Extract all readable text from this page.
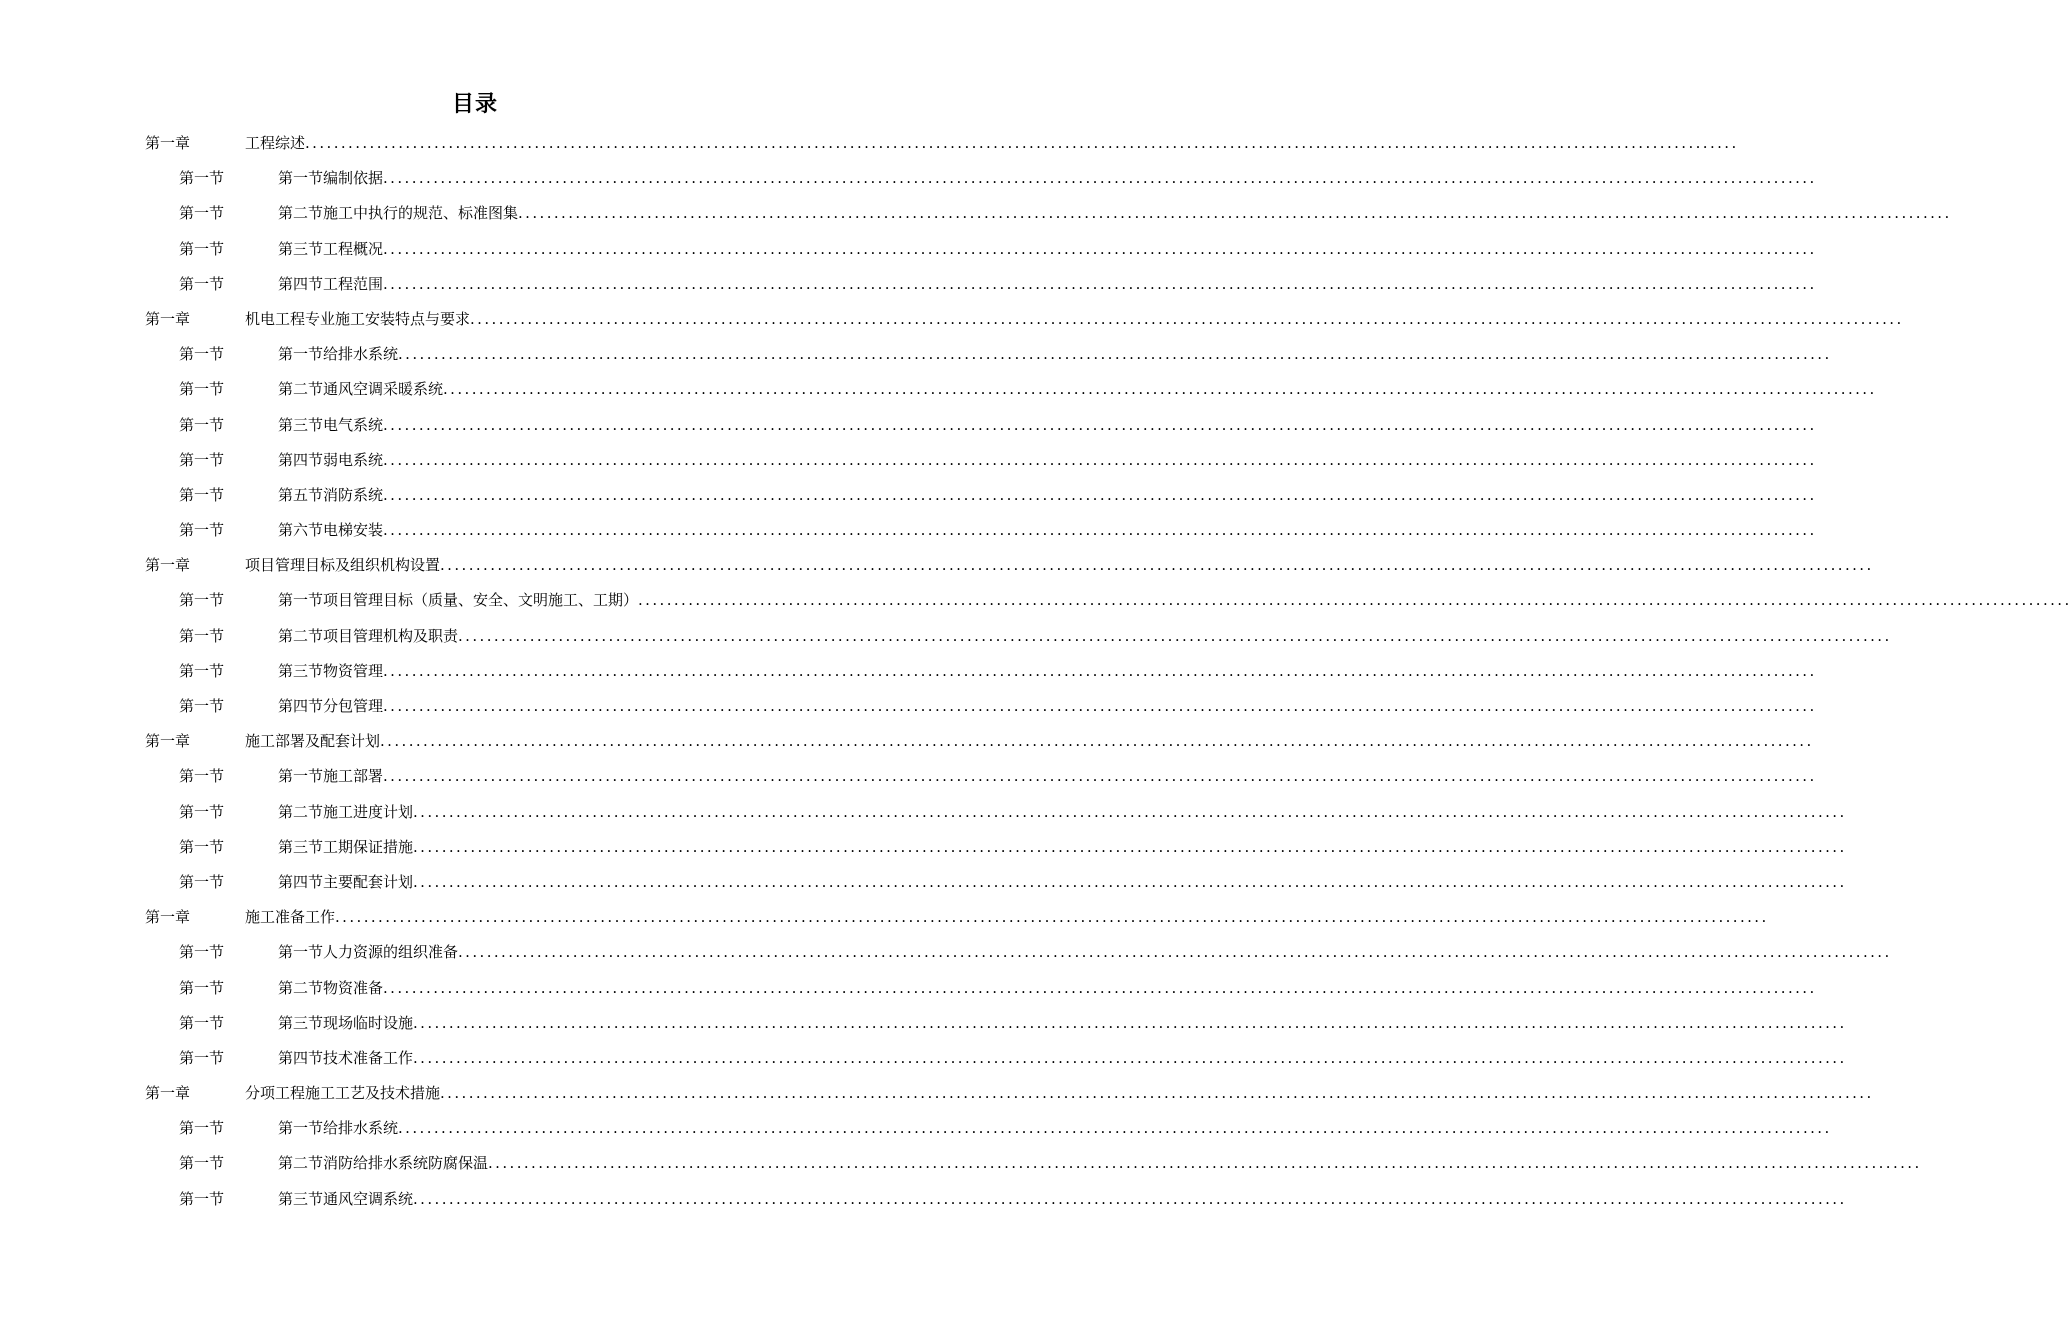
目录
第一章	工程综述 ........................................................................................................................................................................................................
第一节	第一节编制依据 ........................................................................................................................................................................................................
第一节	第二节施工中执行的规范、标准图集 ........................................................................................................................................................................................................
第一节	第三节工程概况 ........................................................................................................................................................................................................
第一节	第四节工程范围 ........................................................................................................................................................................................................
第一章	机电工程专业施工安装特点与要求 ........................................................................................................................................................................................................
第一节	第一节给排水系统 ........................................................................................................................................................................................................
第一节	第二节通风空调采暖系统 ........................................................................................................................................................................................................
第一节	第三节电气系统 ........................................................................................................................................................................................................
第一节	第四节弱电系统 ........................................................................................................................................................................................................
第一节	第五节消防系统 ........................................................................................................................................................................................................
第一节	第六节电梯安装 ........................................................................................................................................................................................................
第一章	项目管理目标及组织机构设置 ........................................................................................................................................................................................................
第一节	第一节项目管理目标（质量、安全、文明施工、工期） ........................................................................................................................................................................................................
第一节	第二节项目管理机构及职责 ........................................................................................................................................................................................................
第一节	第三节物资管理 ........................................................................................................................................................................................................
第一节	第四节分包管理 ........................................................................................................................................................................................................
第一章	施工部署及配套计划 ........................................................................................................................................................................................................
第一节	第一节施工部署 ........................................................................................................................................................................................................
第一节	第二节施工进度计划 ........................................................................................................................................................................................................
第一节	第三节工期保证措施 ........................................................................................................................................................................................................
第一节	第四节主要配套计划 ........................................................................................................................................................................................................
第一章	施工准备工作 ........................................................................................................................................................................................................
第一节	第一节人力资源的组织准备 ........................................................................................................................................................................................................
第一节	第二节物资准备 ........................................................................................................................................................................................................
第一节	第三节现场临时设施 ........................................................................................................................................................................................................
第一节	第四节技术准备工作 ........................................................................................................................................................................................................
第一章	分项工程施工工艺及技术措施 ........................................................................................................................................................................................................
第一节	第一节给排水系统 ........................................................................................................................................................................................................
第一节	第二节消防给排水系统防腐保温 ........................................................................................................................................................................................................
第一节	第三节通风空调系统 ........................................................................................................................................................................................................
